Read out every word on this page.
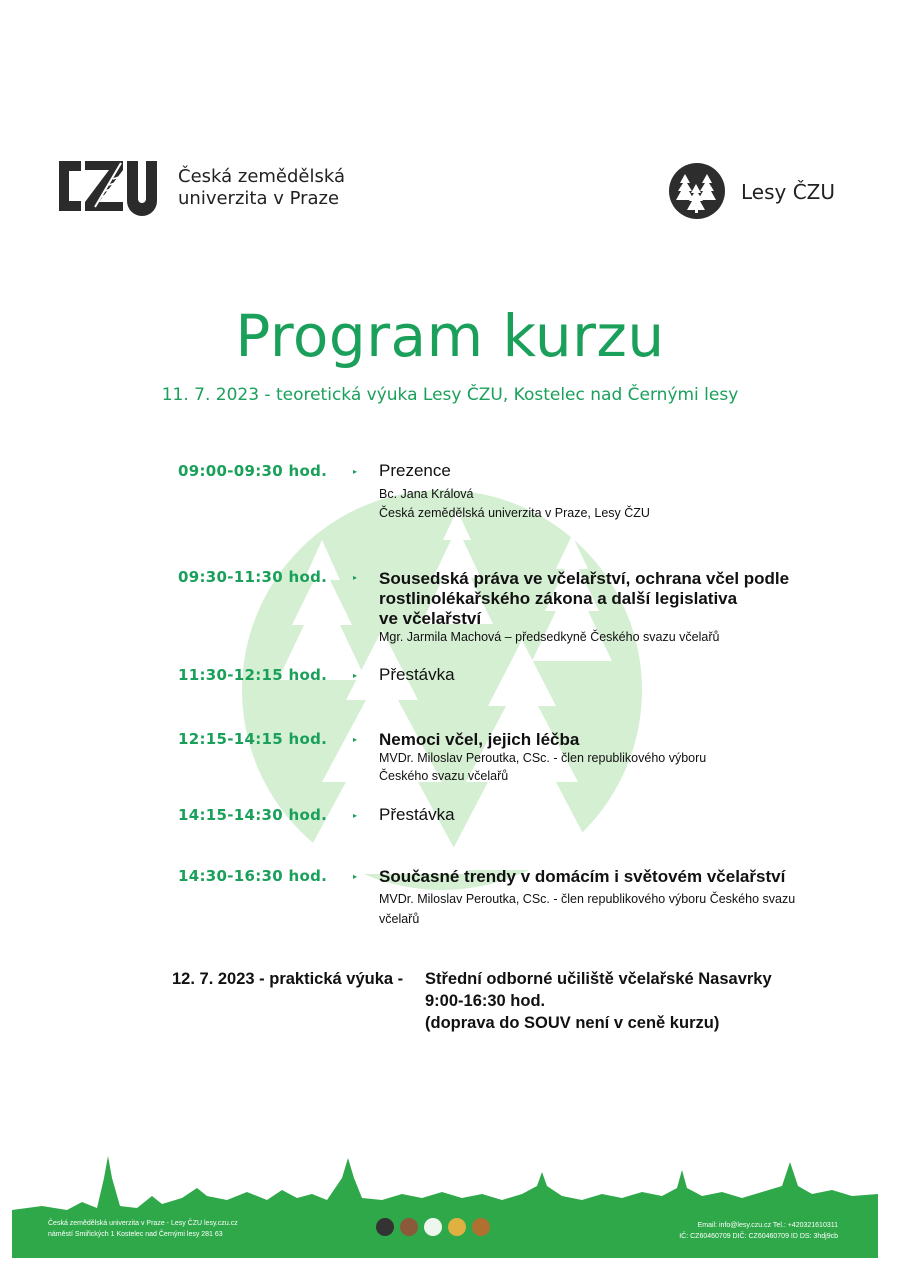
Česká zemědělská
univerzita v Praze	Lesy ČZU
Program kurzu
11. 7. 2023 - teoretická výuka Lesy ČZU, Kostelec nad Černými lesy
09:00-09:30 hod.	▸ Prezence
Bc. Jana Králová
Česká zemědělská univerzita v Praze, Lesy ČZU
09:30-11:30 hod.	▸ Sousedská práva ve včelařství, ochrana včel podle
rostlinolékařského zákona a další legislativa
ve včelařství
Mgr. Jarmila Machová – předsedkyně Českého svazu včelařů
11:30-12:15 hod.	▸ Přestávka
12:15-14:15 hod.	▸ Nemoci včel, jejich léčba
MVDr. Miloslav Peroutka, CSc. - člen republikového výboru
Českého svazu včelařů
14:15-14:30 hod.	▸ Přestávka
14:30-16:30 hod.	▸ Současné trendy v domácím i světovém včelařství
MVDr. Miloslav Peroutka, CSc. - člen republikového výboru Českého svazu
včelařů
12. 7. 2023 - praktická výuka - Střední odborné učiliště včelařské Nasavrky
9:00-16:30 hod.
(doprava do SOUV není v ceně kurzu)
Česká zemědělská univerzita v Praze - Lesy ČZU lesy.czu.cz
náměstí Smiřických 1 Kostelec nad Černými lesy 281 63
Email: info@lesy.czu.cz Tel.: +420321610311
IČ: CZ60460709 DIČ: CZ60460709 ID DS: 3hdj9cb
